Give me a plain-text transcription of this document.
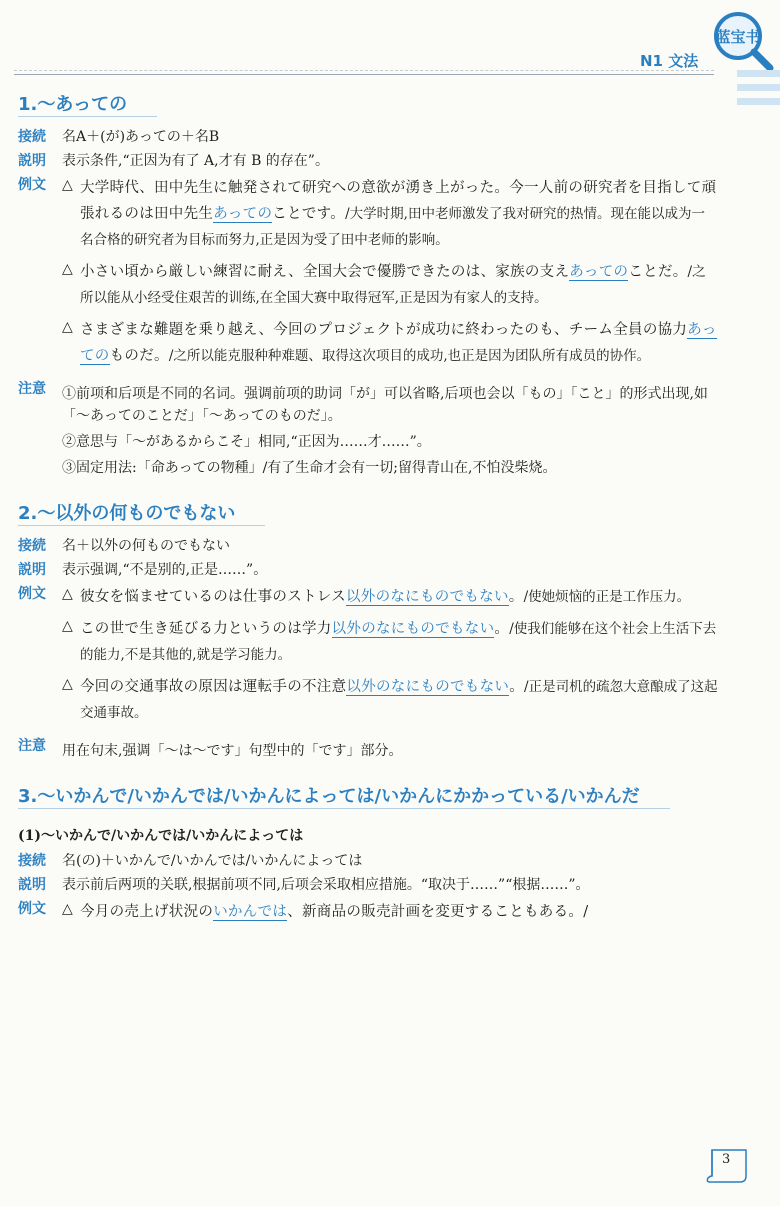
N1 文法
蓝宝书
1.～あっての
接続	名A＋(が)あっての＋名B
説明	表示条件,“正因为有了 A,才有 B 的存在”。
例文	△ 大学時代、田中先生に触発されて研究への意欲が湧き上がった。今一人前の研究者を目指して頑張れるのは田中先生あってのことです。/大学时期,田中老师激发了我对研究的热情。现在能以成为一名合格的研究者为目标而努力,正是因为受了田中老师的影响。
△ 小さい頃から厳しい練習に耐え、全国大会で優勝できたのは、家族の支えあってのことだ。/之所以能从小经受住艰苦的训练,在全国大赛中取得冠军,正是因为有家人的支持。
△ さまざまな難題を乗り越え、今回のプロジェクトが成功に終わったのも、チーム全員の協力あってのものだ。/之所以能克服种种难题、取得这次项目的成功,也正是因为团队所有成员的协作。
注意	①前项和后项是不同的名词。强调前项的助词「が」可以省略,后项也会以「もの」「こと」的形式出现,如「～あってのことだ」「～あってのものだ」。
②意思与「～があるからこそ」相同,“正因为……才……”。
③固定用法:「命あっての物種」/有了生命才会有一切;留得青山在,不怕没柴烧。
2.～以外の何ものでもない
接続	名＋以外の何ものでもない
説明	表示强调,“不是别的,正是……”。
例文	△ 彼女を悩ませているのは仕事のストレス以外のなにものでもない。/使她烦恼的正是工作压力。
△ この世で生き延びる力というのは学力以外のなにものでもない。/使我们能够在这个社会上生活下去的能力,不是其他的,就是学习能力。
△ 今回の交通事故の原因は運転手の不注意以外のなにものでもない。/正是司机的疏忽大意酿成了这起交通事故。
注意	用在句末,强调「～は～です」句型中的「です」部分。
3.～いかんで/いかんでは/いかんによっては/いかんにかかっている/いかんだ
(1)～いかんで/いかんでは/いかんによっては
接続	名(の)＋いかんで/いかんでは/いかんによっては
説明	表示前后两项的关联,根据前项不同,后项会采取相应措施。“取决于……”“根据……”。
例文	△ 今月の売上げ状況のいかんでは、新商品の販売計画を変更することもある。/
3
